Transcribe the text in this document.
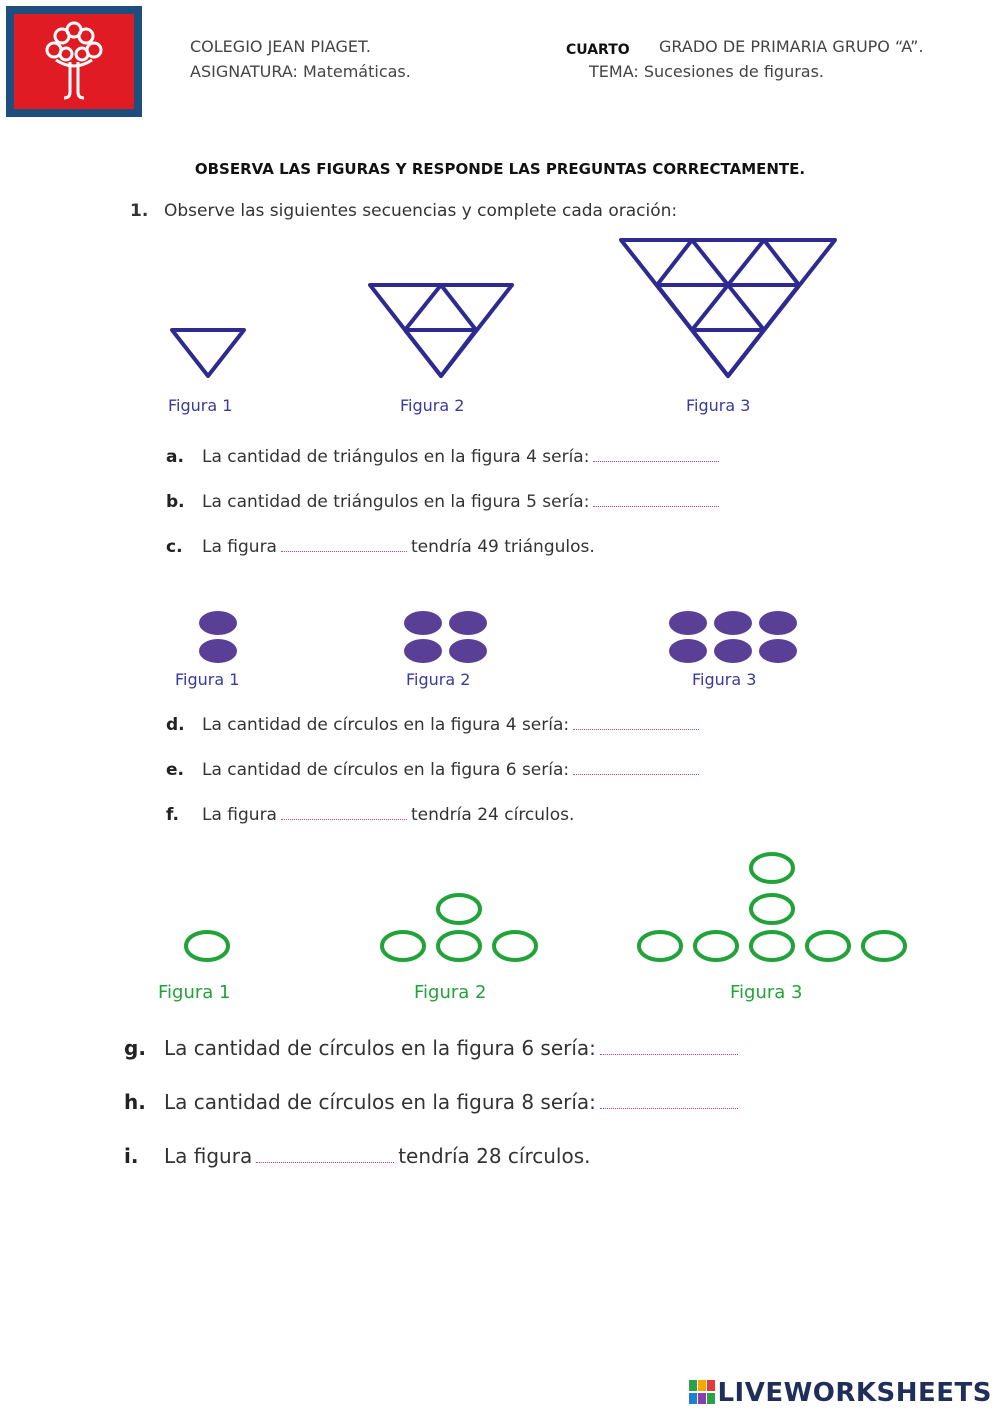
COLEGIO JEAN PIAGET.
ASIGNATURA: Matemáticas.
CUARTO GRADO DE PRIMARIA GRUPO “A”.
TEMA: Sucesiones de figuras.
OBSERVA LAS FIGURAS Y RESPONDE LAS PREGUNTAS CORRECTAMENTE.
1. Observe las siguientes secuencias y complete cada oración:
Figura 1	Figura 2	Figura 3
a. La cantidad de triángulos en la figura 4 sería:
b. La cantidad de triángulos en la figura 5 sería:
c. La figura	tendría 49 triángulos.
Figura 1	Figura 2	Figura 3
d. La cantidad de círculos en la figura 4 sería:
e. La cantidad de círculos en la figura 6 sería:
f. La figura	tendría 24 círculos.
Figura 1	Figura 2	Figura 3
g. La cantidad de círculos en la figura 6 sería:
h. La cantidad de círculos en la figura 8 sería:
i. La figura	tendría 28 círculos.
LIVEWORKSHEETS
